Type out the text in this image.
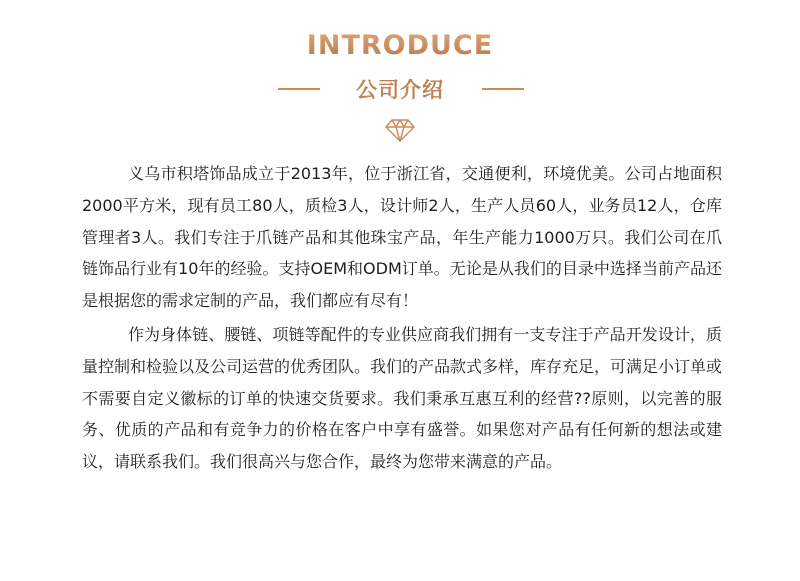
INTRODUCE
公司介绍

义乌市积塔饰品成立于2013年，位于浙江省，交通便利，环境优美。公司占地面积2000平方米，现有员工80人，质检3人，设计师2人，生产人员60人，业务员12人，仓库管理者3人。我们专注于爪链产品和其他珠宝产品，年生产能力1000万只。我们公司在爪链饰品行业有10年的经验。支持OEM和ODM订单。无论是从我们的目录中选择当前产品还是根据您的需求定制的产品，我们都应有尽有！

作为身体链、腰链、项链等配件的专业供应商我们拥有一支专注于产品开发设计，质量控制和检验以及公司运营的优秀团队。我们的产品款式多样，库存充足，可满足小订单或不需要自定义徽标的订单的快速交货要求。我们秉承互惠互利的经营??原则，以完善的服务、优质的产品和有竞争力的价格在客户中享有盛誉。如果您对产品有任何新的想法或建议，请联系我们。我们很高兴与您合作，最终为您带来满意的产品。
